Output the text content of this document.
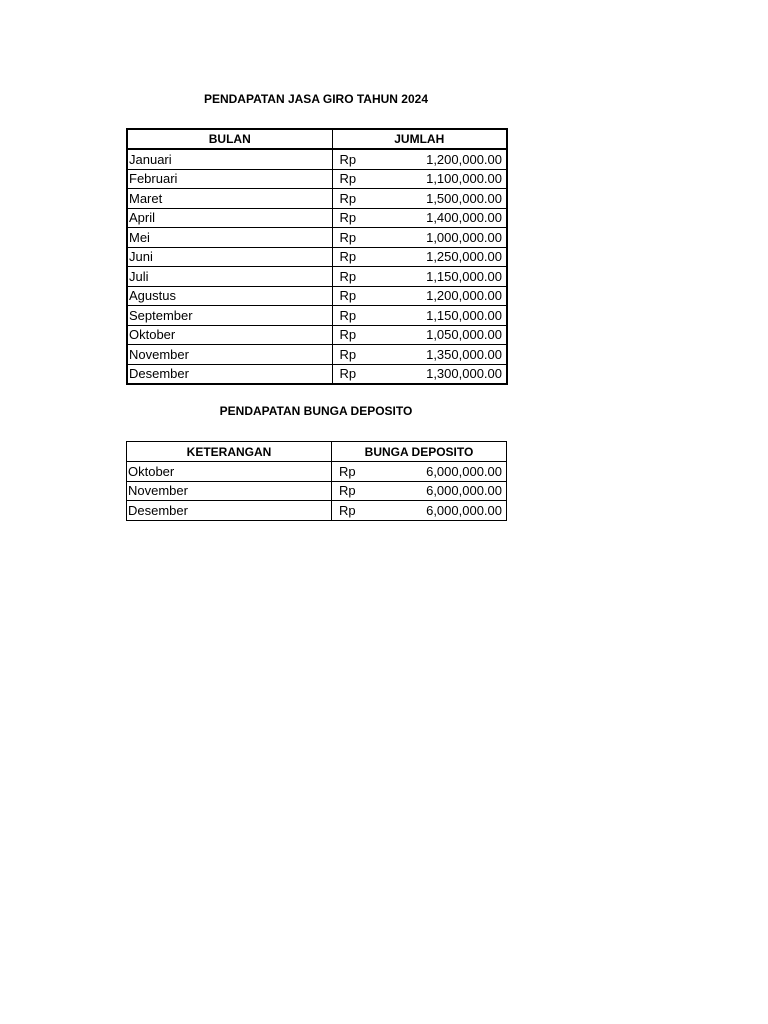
PENDAPATAN JASA GIRO TAHUN 2024
BULAN	JUMLAH	
Januari	Rp	1,200,000.00
Februari	Rp	1,100,000.00
Maret	Rp	1,500,000.00
April	Rp	1,400,000.00
Mei	Rp	1,000,000.00
Juni	Rp	1,250,000.00
Juli	Rp	1,150,000.00
Agustus	Rp	1,200,000.00
September	Rp	1,150,000.00
Oktober	Rp	1,050,000.00
November	Rp	1,350,000.00
Desember	Rp	1,300,000.00
PENDAPATAN BUNGA DEPOSITO
KETERANGAN	BUNGA DEPOSITO	
Oktober	Rp	6,000,000.00
November	Rp	6,000,000.00
Desember	Rp	6,000,000.00
